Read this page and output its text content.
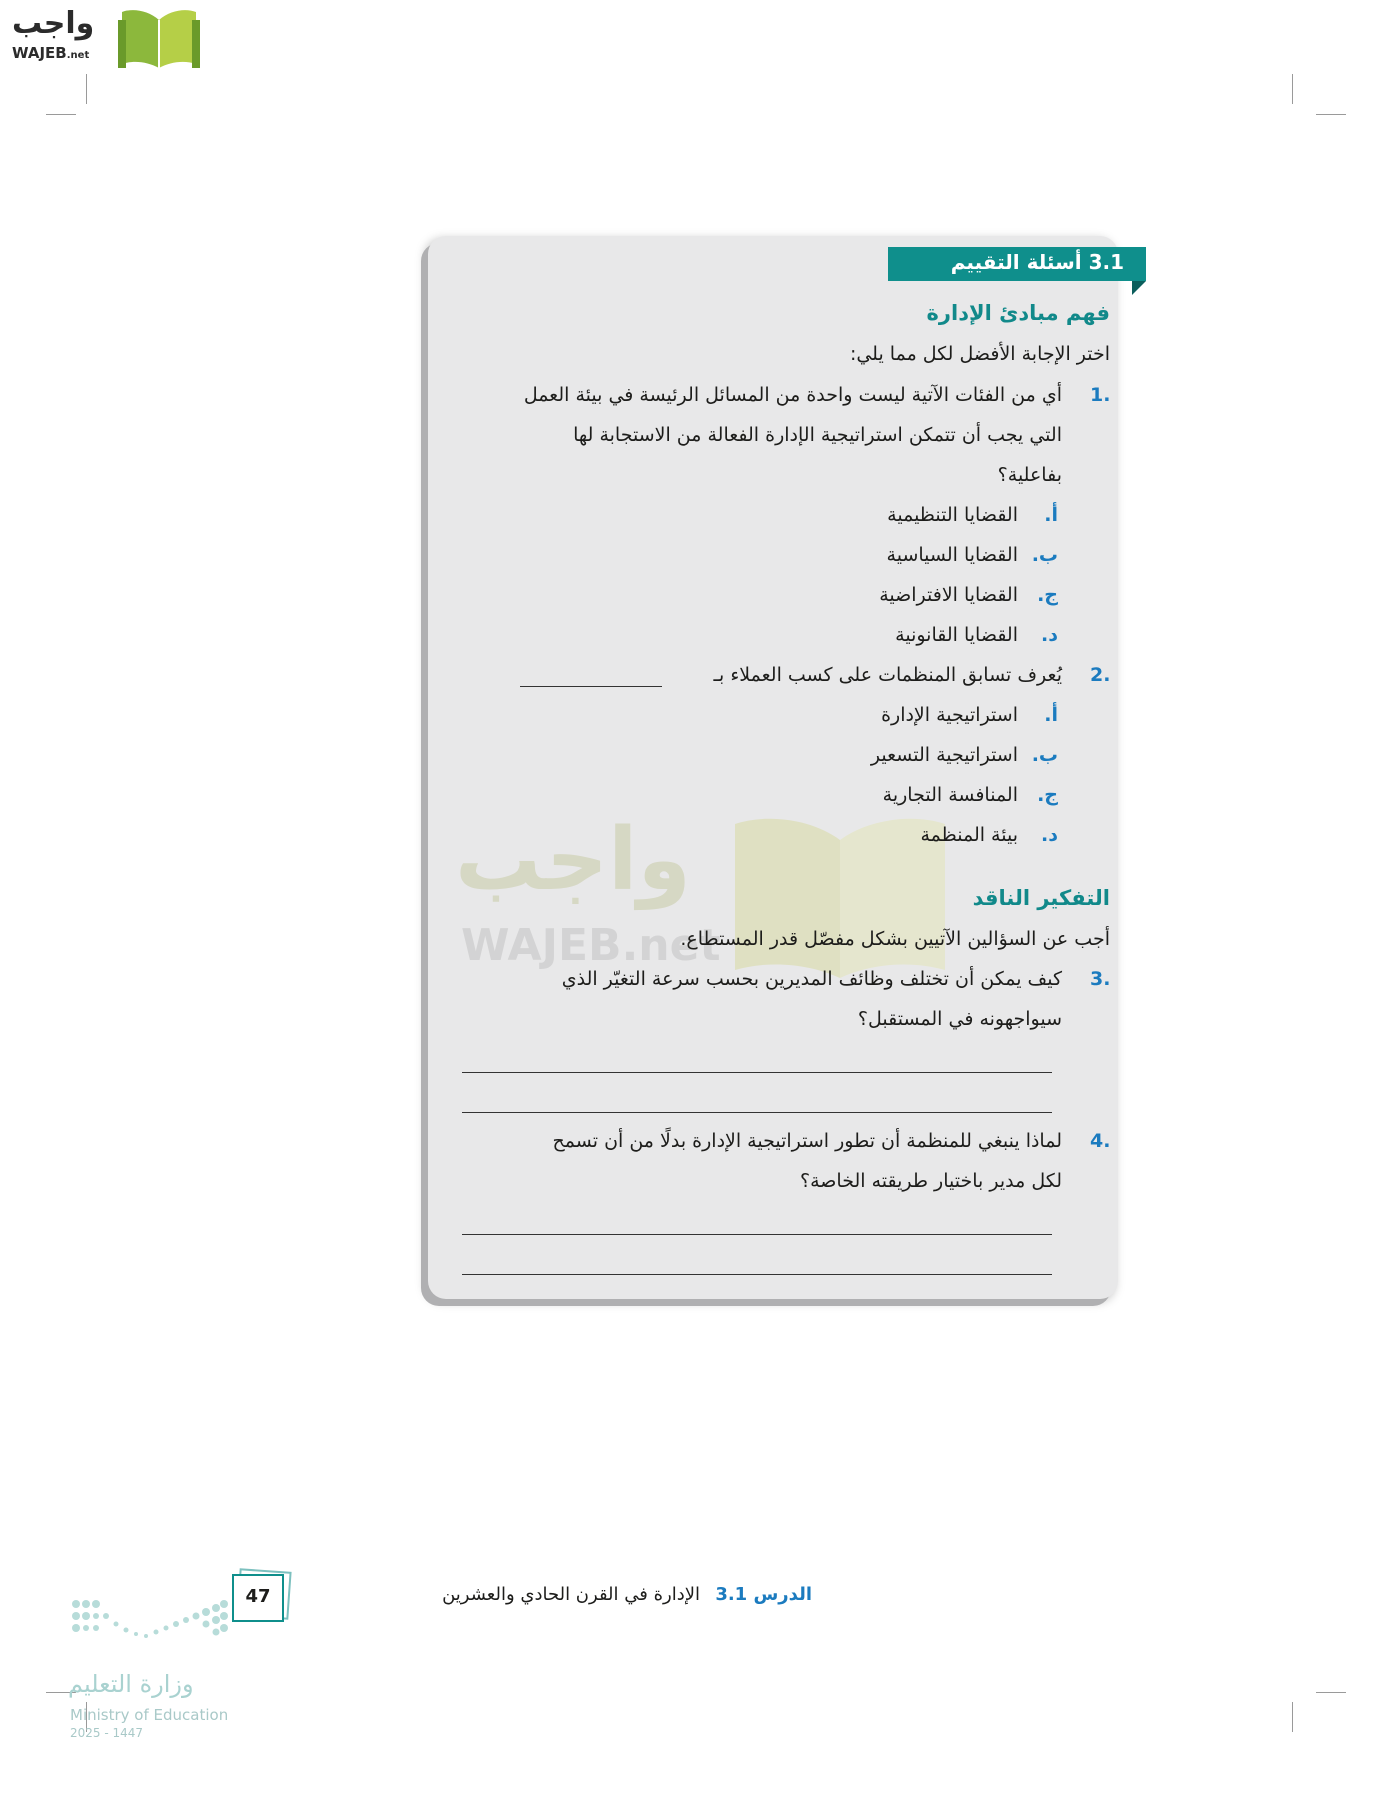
واجب
WAJEB.net
3.1 أسئلة التقييم
واجب
WAJEB.net
فهم مبادئ الإدارة
اختر الإجابة الأفضل لكل مما يلي:
1.
أي من الفئات الآتية ليست واحدة من المسائل الرئيسة في بيئة العمل
التي يجب أن تتمكن استراتيجية الإدارة الفعالة من الاستجابة لها
بفاعلية؟
أ.
القضايا التنظيمية
ب.
القضايا السياسية
ج.
القضايا الافتراضية
د.
القضايا القانونية
2.
يُعرف تسابق المنظمات على كسب العملاء بـ
أ.
استراتيجية الإدارة
ب.
استراتيجية التسعير
ج.
المنافسة التجارية
د.
بيئة المنظمة
التفكير الناقد
أجب عن السؤالين الآتيين بشكل مفصّل قدر المستطاع.
3.
كيف يمكن أن تختلف وظائف المديرين بحسب سرعة التغيّر الذي
سيواجهونه في المستقبل؟
4.
لماذا ينبغي للمنظمة أن تطور استراتيجية الإدارة بدلًا من أن تسمح
لكل مدير باختيار طريقته الخاصة؟
الدرس 3.1
الإدارة في القرن الحادي والعشرين
47
وزارة التعليم
Ministry of Education
2025 - 1447
